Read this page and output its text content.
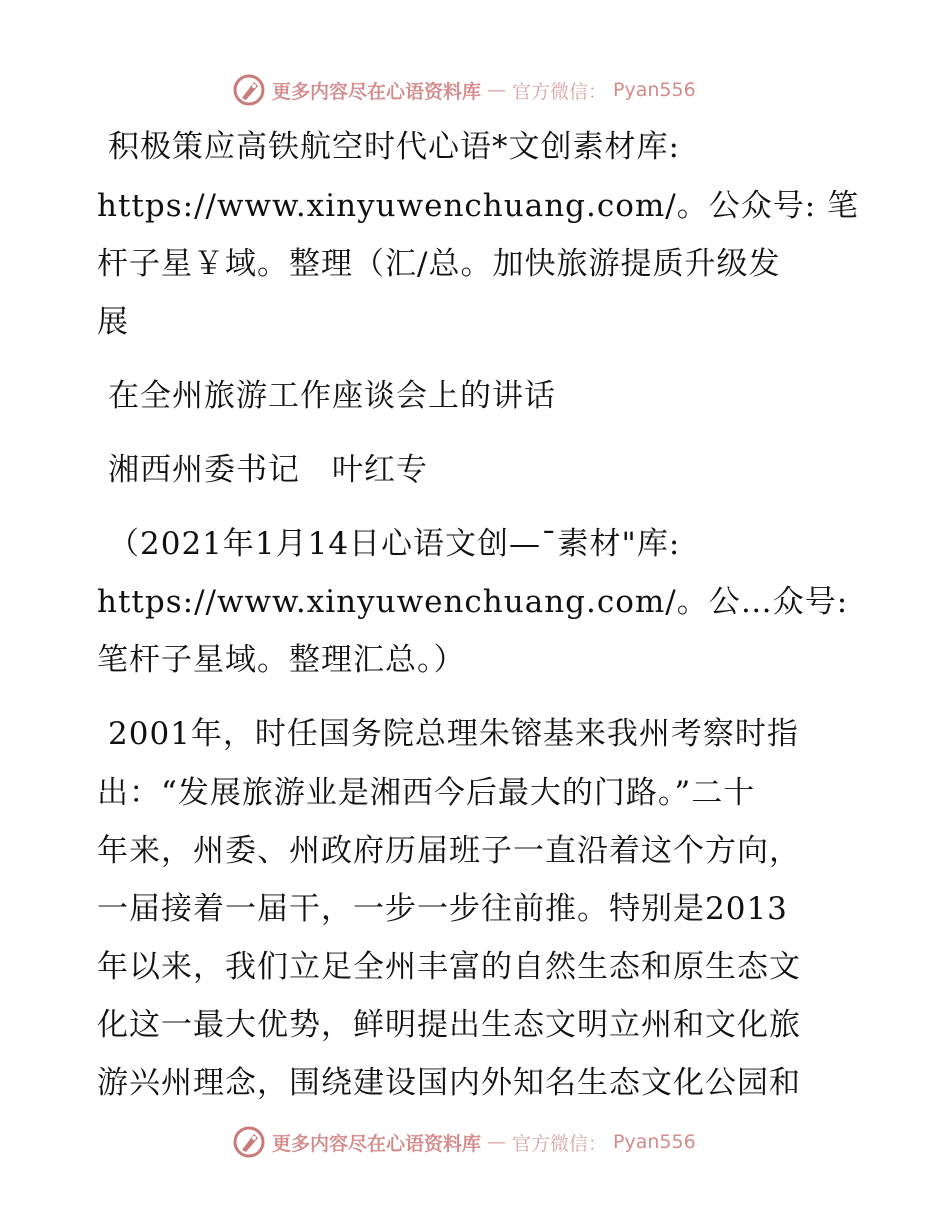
更多内容尽在心语资料库 — 官方微信： Pyan556
积极策应高铁航空时代心语*文创素材库:
https://www.xinyuwenchuang.com/。公众号: 笔
杆子星￥域。整理（汇/总。加快旅游提质升级发
展
在全州旅游工作座谈会上的讲话
湘西州委书记　叶红专
（2021年1月14日心语文创—¯素材"库:
https://www.xinyuwenchuang.com/。公…众号:
笔杆子星域。整理汇总。）
2001年，时任国务院总理朱镕基来我州考察时指
出：“发展旅游业是湘西今后最大的门路。”二十
年来，州委、州政府历届班子一直沿着这个方向，
一届接着一届干，一步一步往前推。特别是2013
年以来，我们立足全州丰富的自然生态和原生态文
化这一最大优势，鲜明提出生态文明立州和文化旅
游兴州理念，围绕建设国内外知名生态文化公园和
更多内容尽在心语资料库 — 官方微信： Pyan556
